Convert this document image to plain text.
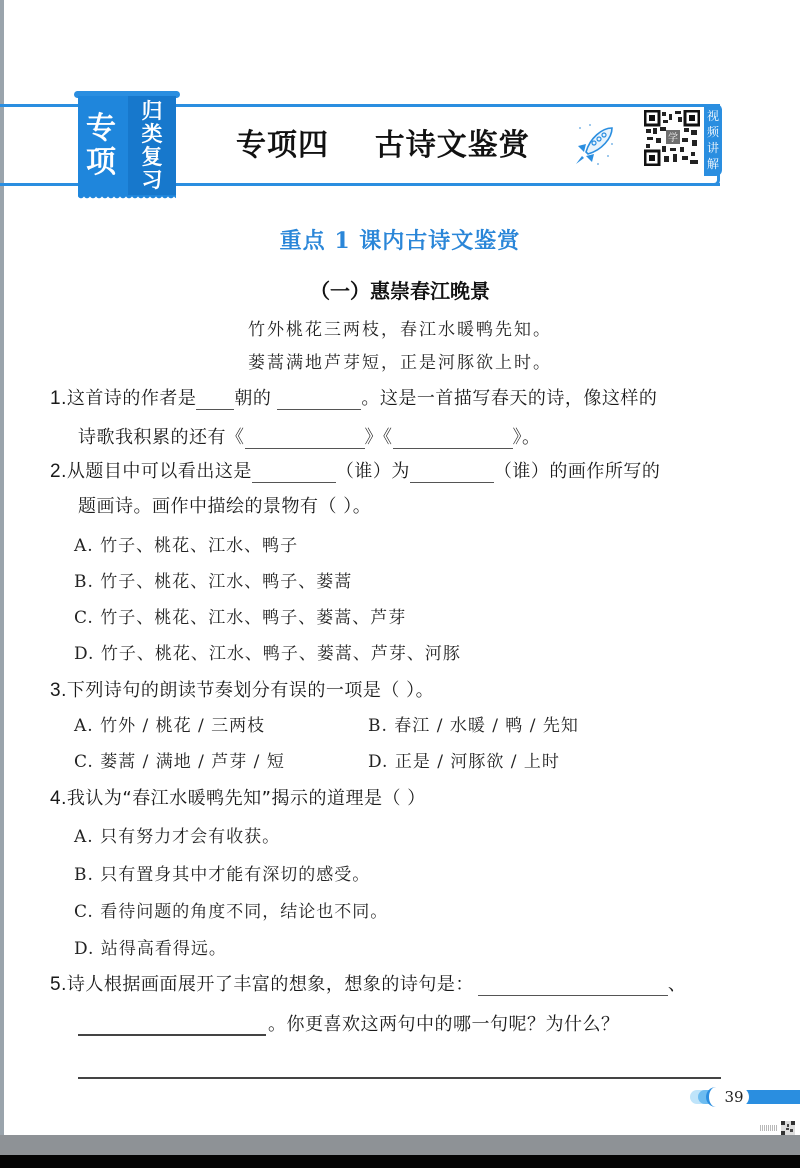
专
项
归
类
复
习
专项四    古诗文鉴赏	学
视
频
讲
解
重点 1 课内古诗文鉴赏
（一）惠崇春江晚景
竹外桃花三两枝，春江水暖鸭先知。
蒌蒿满地芦芽短，正是河豚欲上时。
1.这首诗的作者是 朝的	。这是一首描写春天的诗，像这样的
诗歌我积累的还有《	》《	》。
2.从题目中可以看出这是	（谁）为	（谁）的画作所写的
题画诗。画作中描绘的景物有（ ）。
A. 竹子、桃花、江水、鸭子
B. 竹子、桃花、江水、鸭子、蒌蒿
C. 竹子、桃花、江水、鸭子、蒌蒿、芦芽
D. 竹子、桃花、江水、鸭子、蒌蒿、芦芽、河豚
3.下列诗句的朗读节奏划分有误的一项是（ ）。
A. 竹外 / 桃花 / 三两枝	B. 春江 / 水暖 / 鸭 / 先知
C. 蒌蒿 / 满地 / 芦芽 / 短	D. 正是 / 河豚欲 / 上时
4.我认为“春江水暖鸭先知”揭示的道理是（ ）
A. 只有努力才会有收获。
B. 只有置身其中才能有深切的感受。
C. 看待问题的角度不同，结论也不同。
D. 站得高看得远。
5.诗人根据画面展开了丰富的想象，想象的诗句是：	、
。你更喜欢这两句中的哪一句呢？为什么？
39
